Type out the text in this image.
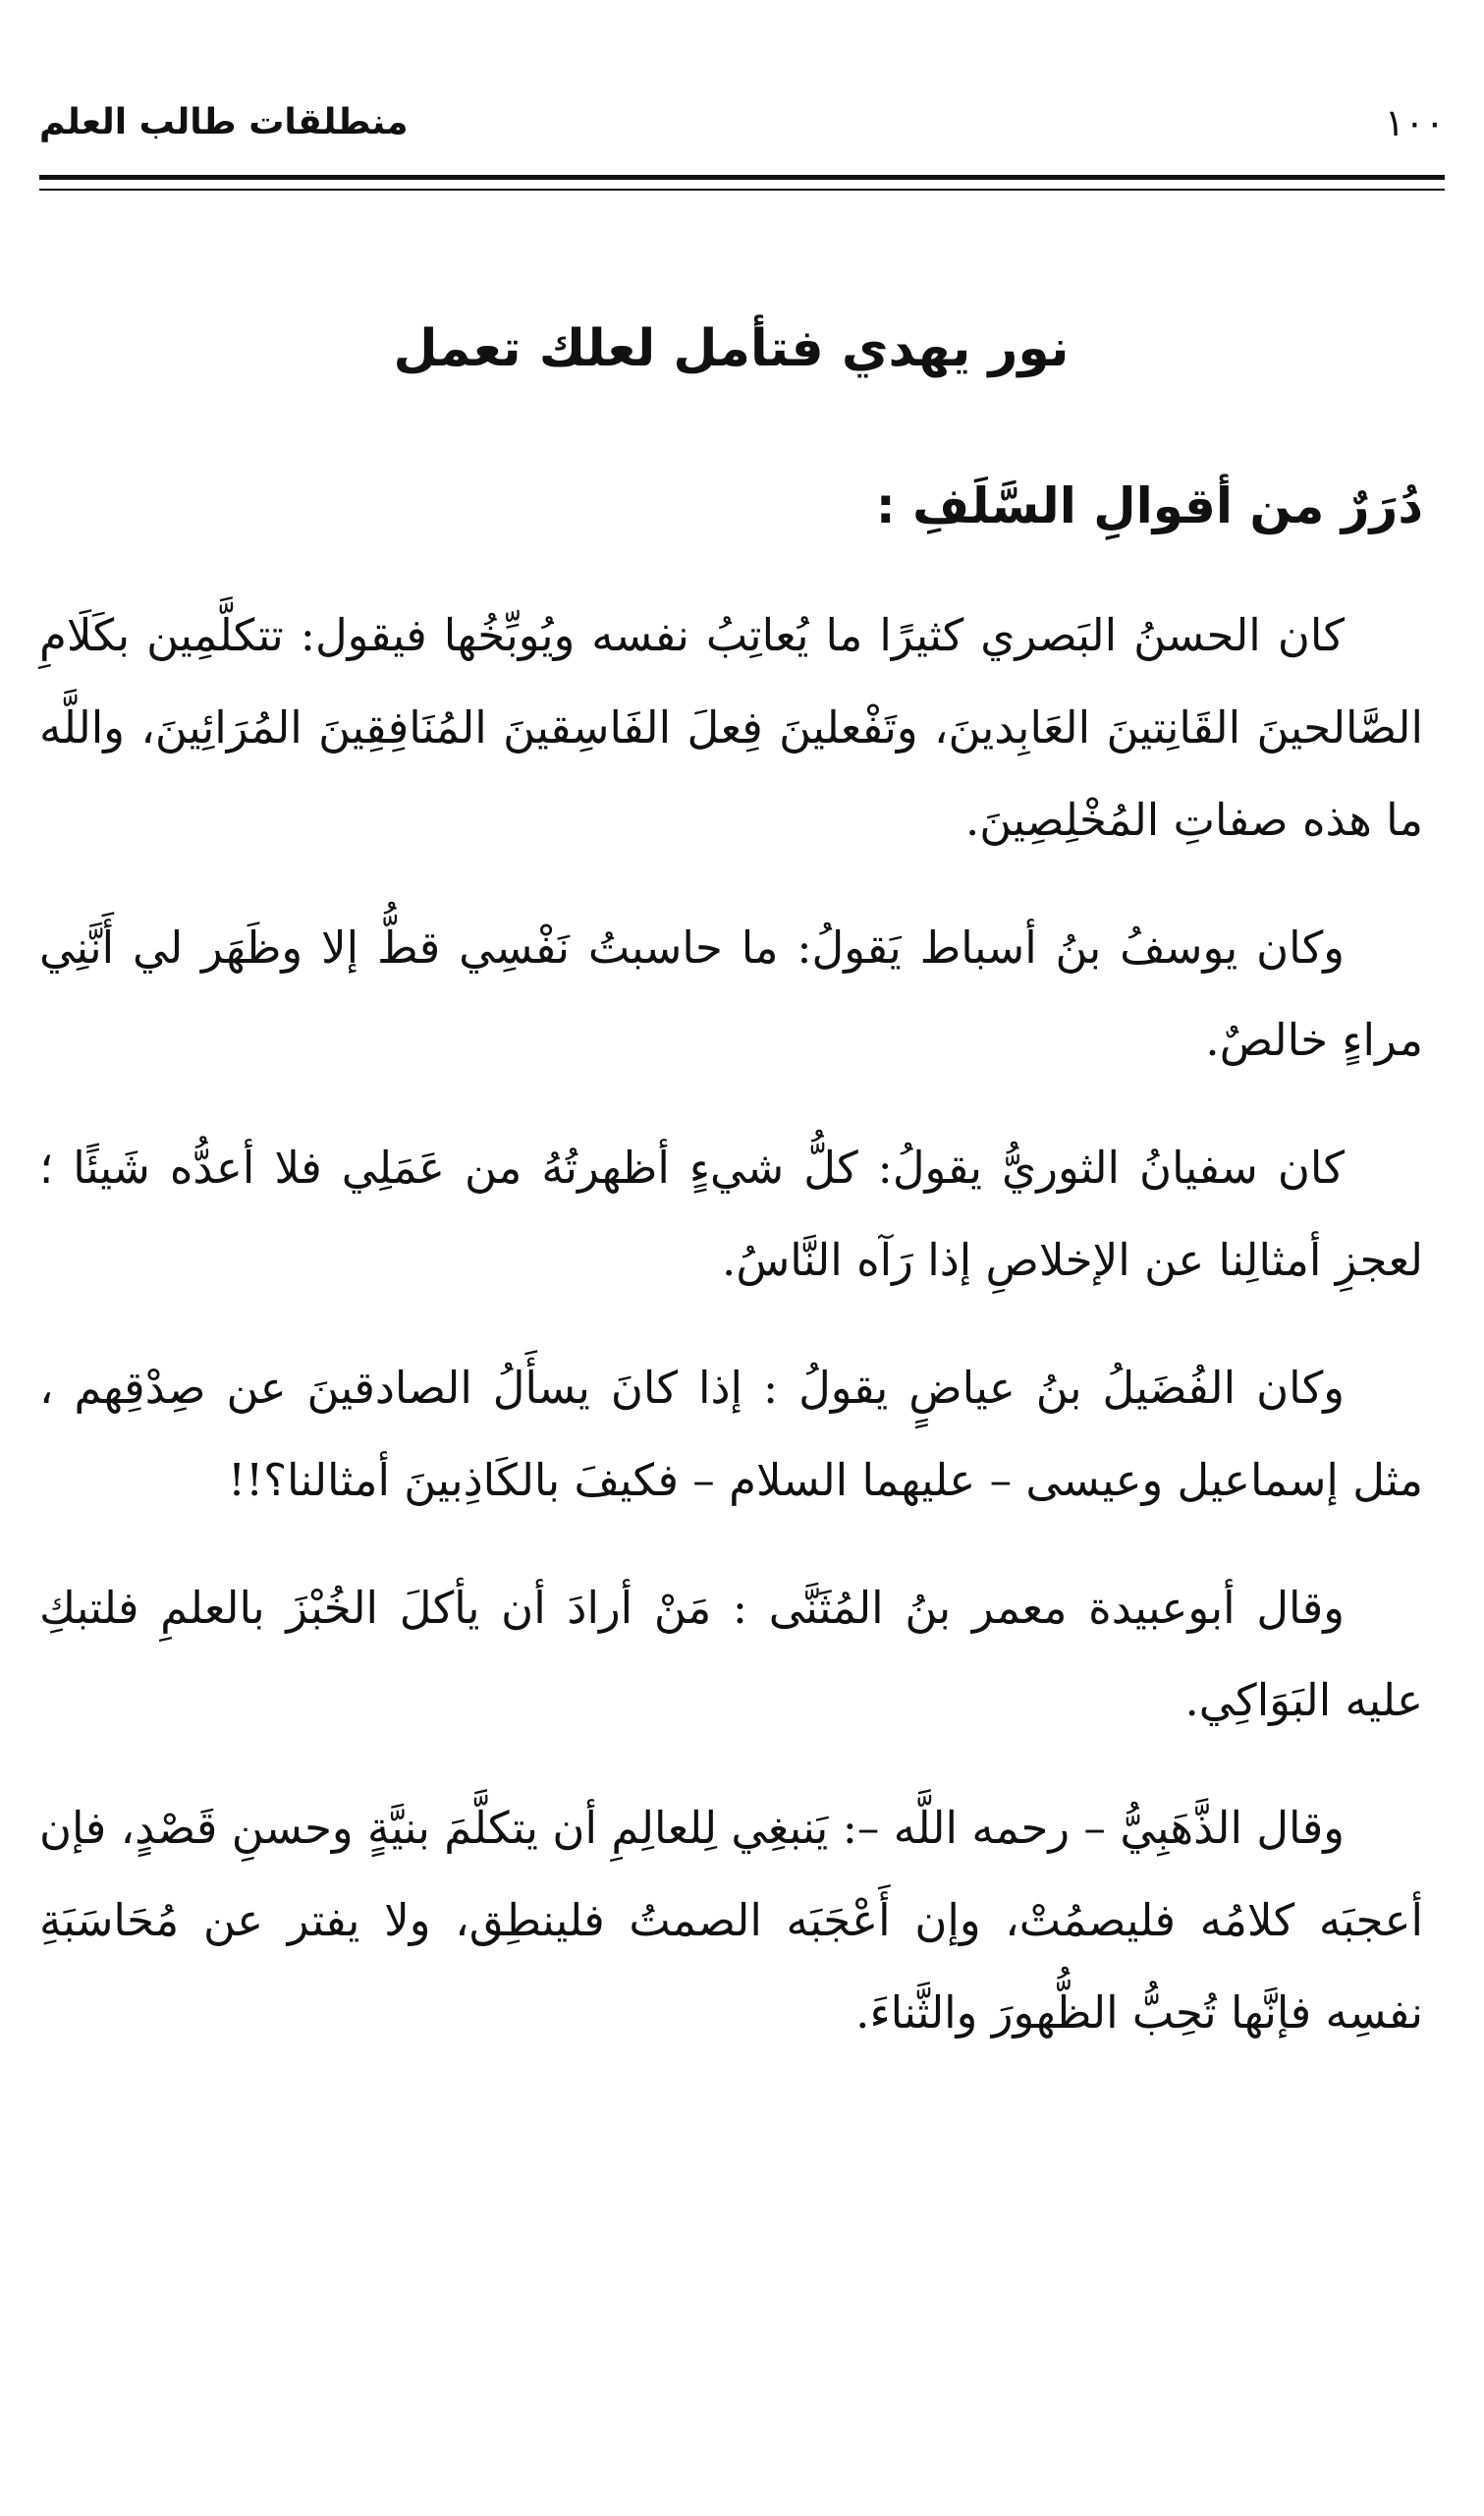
منطلقات طالب العلم	١٠٠
نور يهدي فتأمل لعلك تعمل
دُرَرٌ من أقوالِ السَّلَفِ :

كان الحسنُ البَصري كثيرًا ما يُعاتِبُ نفسه ويُوبِّخُها فيقول: تتكلَّمِين بكَلَامِ الصَّالحينَ القَانِتينَ العَابِدينَ، وتَفْعلينَ فِعلَ الفَاسِقينَ المُنَافِقِينَ المُرَائِينَ، واللَّه ما هذه صفاتِ المُخْلِصِينَ.

وكان يوسفُ بنُ أسباط يَقولُ: ما حاسبتُ نَفْسِي قطُّ إلا وظَهَر لي أَنَّنِي مراءٍ خالصٌ.

كان سفيانُ الثوريُّ يقولُ: كلُّ شيءٍ أظهرتُهُ من عَمَلِي فلا أعدُّه شَيئًا ؛ لعجزِ أمثالِنا عن الإخلاصِ إذا رَآه النَّاسُ.

وكان الفُضَيلُ بنُ عياضٍ يقولُ : إذا كانَ يسأَلُ الصادقينَ عن صِدْقِهم ، مثل إسماعيل وعيسى – عليهما السلام – فكيفَ بالكَاذِبينَ أمثالنا؟!!

وقال أبوعبيدة معمر بنُ المُثَنَّى : مَنْ أرادَ أن يأكلَ الخُبْزَ بالعلمِ فلتبكِ عليه البَوَاكِي.

وقال الذَّهَبِيُّ – رحمه اللَّه –: يَنبغِي لِلعالِمِ أن يتكلَّمَ بنيَّةٍ وحسنِ قَصْدٍ، فإن أعجبَه كلامُه فليصمُتْ، وإن أَعْجَبَه الصمتُ فلينطِق، ولا يفتر عن مُحَاسَبَةِ نفسِه فإنَّها تُحِبُّ الظُّهورَ والثَّناءَ.
